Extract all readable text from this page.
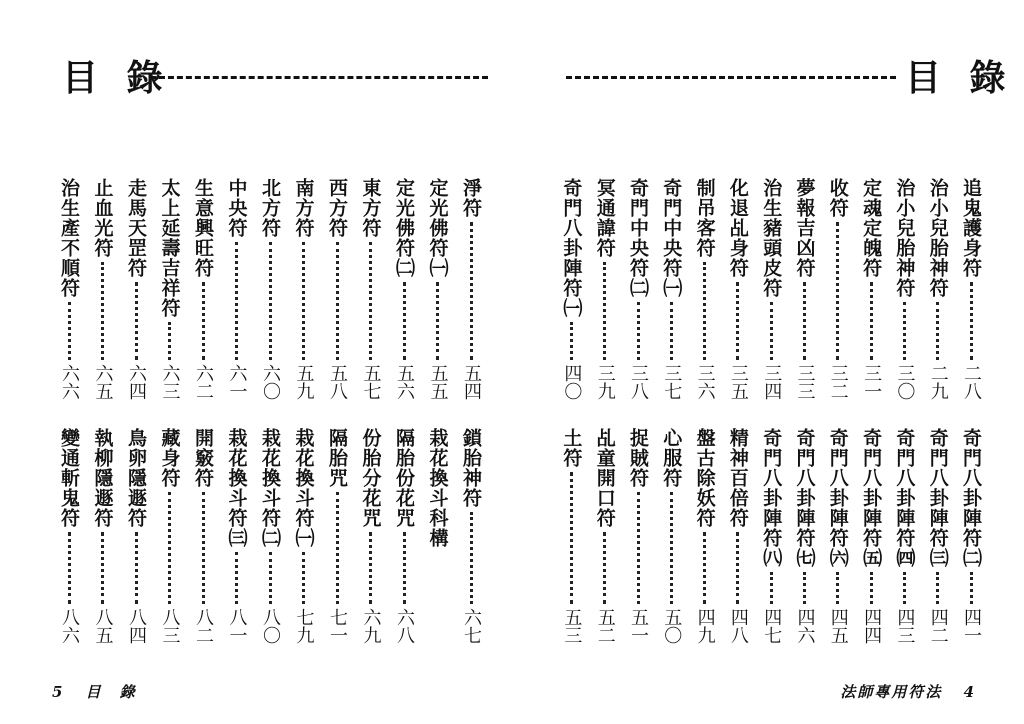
目 錄	目 錄
淨符
五四
定光佛符㈠
五五
定光佛符㈡
五六
東方符
五七
西方符
五八
南方符
五九
北方符
六〇
中央符
六一
生意興旺符
六二
太上延壽吉祥符
六三
走馬天罡符
六四
止血光符
六五
治生產不順符
六六
鎖胎神符
六七
栽花換斗科構
隔胎份花咒
六八
份胎分花咒
六九
隔胎咒
七一
栽花換斗符㈠
七九
栽花換斗符㈡
八〇
栽花換斗符㈢
八一
開竅符
八二
藏身符
八三
鳥卵隱遯符
八四
執柳隱遯符
八五
變通斬鬼符
八六
追鬼護身符
二八
治小兒胎神符
二九
治小兒胎神符
三〇
定魂定魄符
三一
收符
三二
夢報吉凶符
三三
治生豬頭皮符
三四
化退乩身符
三五
制吊客符
三六
奇門中央符㈠
三七
奇門中央符㈡
三八
冥通諱符
三九
奇門八卦陣符㈠
四〇
奇門八卦陣符㈡
四一
奇門八卦陣符㈢
四二
奇門八卦陣符㈣
四三
奇門八卦陣符㈤
四四
奇門八卦陣符㈥
四五
奇門八卦陣符㈦
四六
奇門八卦陣符㈧
四七
精神百倍符
四八
盤古除妖符
四九
心服符
五〇
捉賊符
五一
乩童開口符
五二
土符
五三
5 目　錄	法師專用符法 4
